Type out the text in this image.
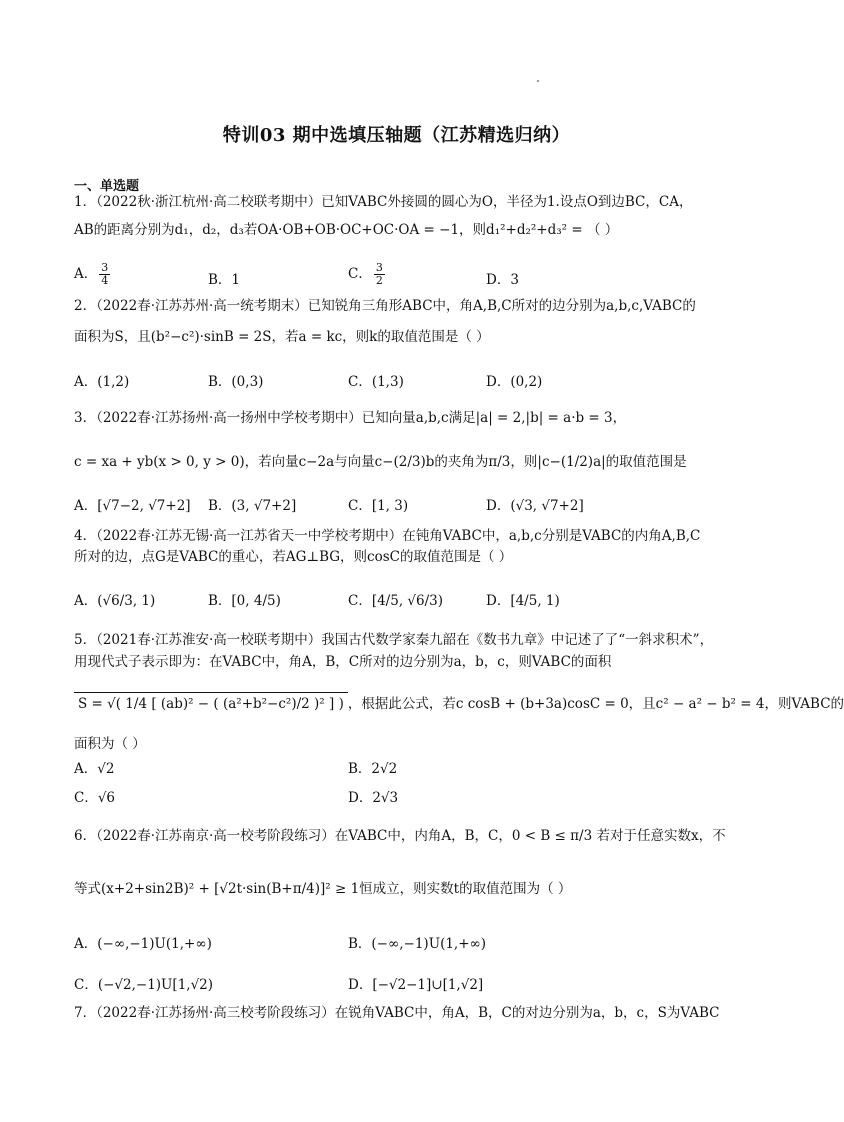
特训03 期中选填压轴题（江苏精选归纳）
一、单选题
1．（2022秋·浙江杭州·高二校联考期中）已知VABC外接圆的圆心为O，半径为1.设点O到边BC，CA，
AB的距离分别为d₁，d₂，d₃若OA·OB+OB·OC+OC·OA = −1，则d₁²+d₂²+d₃² = （ ）
A． $\frac{3}{4}$	B．1	C． $\frac{3}{2}$	D．3
2．（2022春·江苏苏州·高一统考期末）已知锐角三角形ABC中，角A,B,C所对的边分别为a,b,c,VABC的
面积为S，且(b²−c²)·sinB = 2S，若a = kc，则k的取值范围是（ ）
A．(1,2)	B．(0,3)	C．(1,3)	D．(0,2)
3．（2022春·江苏扬州·高一扬州中学校考期中）已知向量a,b,c满足|a| = 2,|b| = a·b = 3，
c = xa + yb(x > 0, y > 0)，若向量c−2a与向量c−(2/3)b的夹角为π/3，则|c−(1/2)a|的取值范围是
A．[√7−2, √7+2] B．(3, √7+2]	C．[1, 3)	D．(√3, √7+2]
4．（2022春·江苏无锡·高一江苏省天一中学校考期中）在钝角VABC中，a,b,c分别是VABC的内角A,B,C
所对的边，点G是VABC的重心，若AG⊥BG，则cosC的取值范围是（ ）
A．(√6/3, 1)	B．[0, 4/5)	C．[4/5, √6/3)	D．[4/5, 1)
5．（2021春·江苏淮安·高一校联考期中）我国古代数学家秦九韶在《数书九章》中记述了了“一斜求积术”，
用现代式子表示即为：在VABC中，角A，B，C所对的边分别为a，b，c，则VABC的面积
S = √( 1/4 [ (ab)² − ( (a²+b²−c²)/2 )² ] ) ，根据此公式，若c cosB + (b+3a)cosC = 0，且c² − a² − b² = 4，则VABC的
面积为（ ）
A．√2	B．2√2
C．√6	D．2√3
6．（2022春·江苏南京·高一校考阶段练习）在VABC中，内角A，B，C，0 < B ≤ π/3 若对于任意实数x，不
等式(x+2+sin2B)² + [√2t·sin(B+π/4)]² ≥ 1恒成立，则实数t的取值范围为（ ）
A．(−∞,−1)U(1,+∞)	B．(−∞,−1)U(1,+∞)
C．(−√2,−1)U[1,√2)	D．[−√2−1]∪[1,√2]
7．（2022春·江苏扬州·高三校考阶段练习）在锐角VABC中，角A，B，C的对边分别为a，b，c，S为VABC
